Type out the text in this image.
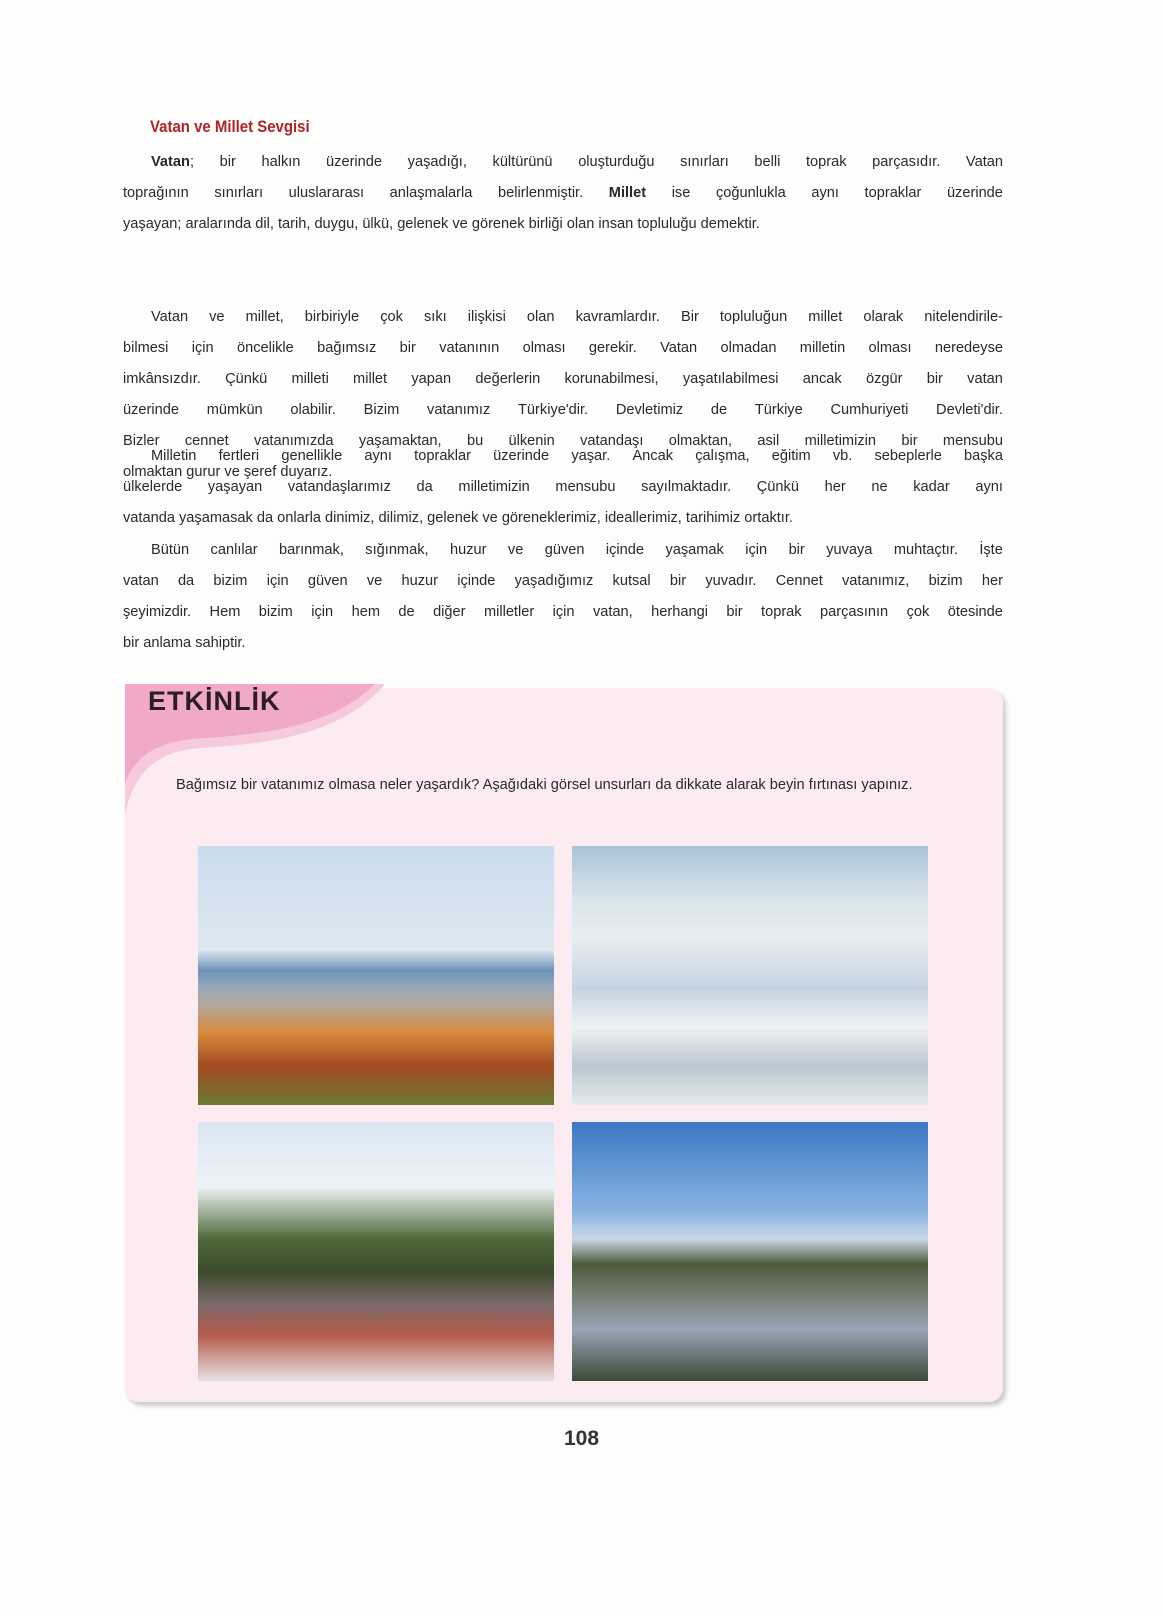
Vatan ve Millet Sevgisi
Vatan; bir halkın üzerinde yaşadığı, kültürünü oluşturduğu sınırları belli toprak parçasıdır. Vatan
toprağının sınırları uluslararası anlaşmalarla belirlenmiştir. Millet ise çoğunlukla aynı topraklar üzerinde
yaşayan; aralarında dil, tarih, duygu, ülkü, gelenek ve görenek birliği olan insan topluluğu demektir.
Vatan ve millet, birbiriyle çok sıkı ilişkisi olan kavramlardır. Bir topluluğun millet olarak nitelendirile-
bilmesi için öncelikle bağımsız bir vatanının olması gerekir. Vatan olmadan milletin olması neredeyse
imkânsızdır. Çünkü milleti millet yapan değerlerin korunabilmesi, yaşatılabilmesi ancak özgür bir vatan
üzerinde mümkün olabilir. Bizim vatanımız Türkiye'dir. Devletimiz de Türkiye Cumhuriyeti Devleti'dir.
Bizler cennet vatanımızda yaşamaktan, bu ülkenin vatandaşı olmaktan, asil milletimizin bir mensubu
olmaktan gurur ve şeref duyarız.
Milletin fertleri genellikle aynı topraklar üzerinde yaşar. Ancak çalışma, eğitim vb. sebeplerle başka
ülkelerde yaşayan vatandaşlarımız da milletimizin mensubu sayılmaktadır. Çünkü her ne kadar aynı
vatanda yaşamasak da onlarla dinimiz, dilimiz, gelenek ve göreneklerimiz, ideallerimiz, tarihimiz ortaktır.
Bütün canlılar barınmak, sığınmak, huzur ve güven içinde yaşamak için bir yuvaya muhtaçtır. İşte
vatan da bizim için güven ve huzur içinde yaşadığımız kutsal bir yuvadır. Cennet vatanımız, bizim her
şeyimizdir. Hem bizim için hem de diğer milletler için vatan, herhangi bir toprak parçasının çok ötesinde
bir anlama sahiptir.
ETKİNLİK
Bağımsız bir vatanımız olmasa neler yaşardık? Aşağıdaki görsel unsurları da dikkate alarak beyin fırtınası yapınız.
108
